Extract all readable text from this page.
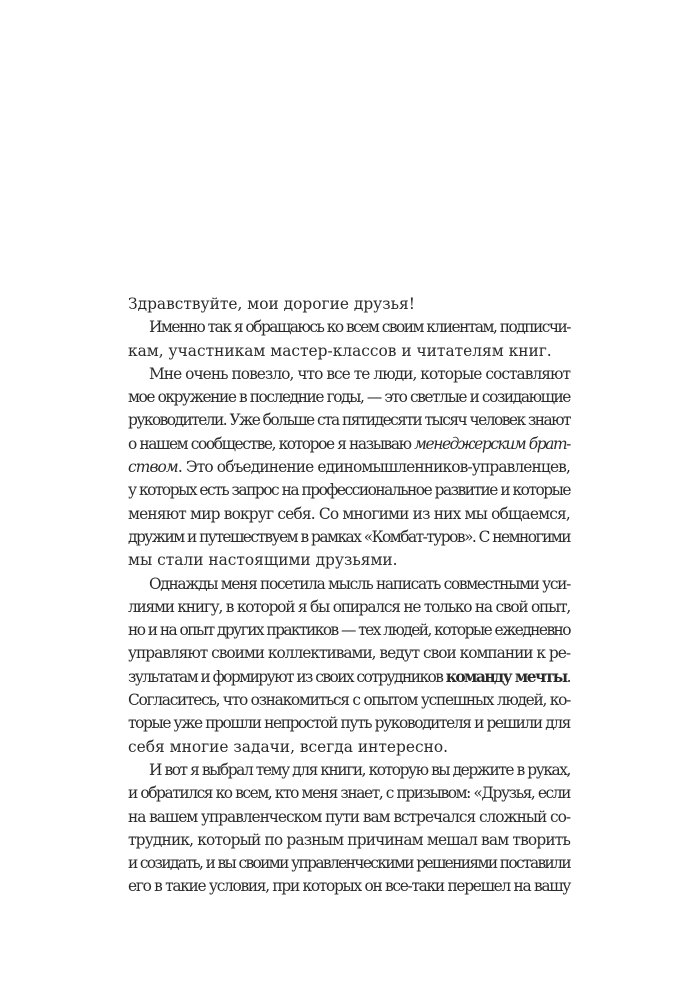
Здравствуйте, мои дорогие друзья!
Именно так я обращаюсь ко всем своим клиентам, подписчи-
кам, участникам мастер-классов и читателям книг.
Мне очень повезло, что все те люди, которые составляют
мое окружение в последние годы, — это светлые и созидающие
руководители. Уже больше ста пятидесяти тысяч человек знают
о нашем сообществе, которое я называю менеджерским брат-
ством. Это объединение единомышленников-управленцев,
у которых есть запрос на профессиональное развитие и которые
меняют мир вокруг себя. Со многими из них мы общаемся,
дружим и путешествуем в рамках «Комбат-туров». С немногими
мы стали настоящими друзьями.
Однажды меня посетила мысль написать совместными уси-
лиями книгу, в которой я бы опирался не только на свой опыт,
но и на опыт других практиков — тех людей, которые ежедневно
управляют своими коллективами, ведут свои компании к ре-
зультатам и формируют из своих сотрудников команду мечты.
Согласитесь, что ознакомиться с опытом успешных людей, ко-
торые уже прошли непростой путь руководителя и решили для
себя многие задачи, всегда интересно.
И вот я выбрал тему для книги, которую вы держите в руках,
и обратился ко всем, кто меня знает, с призывом: «Друзья, если
на вашем управленческом пути вам встречался сложный со-
трудник, который по разным причинам мешал вам творить
и созидать, и вы своими управленческими решениями поставили
его в такие условия, при которых он все-таки перешел на вашу
